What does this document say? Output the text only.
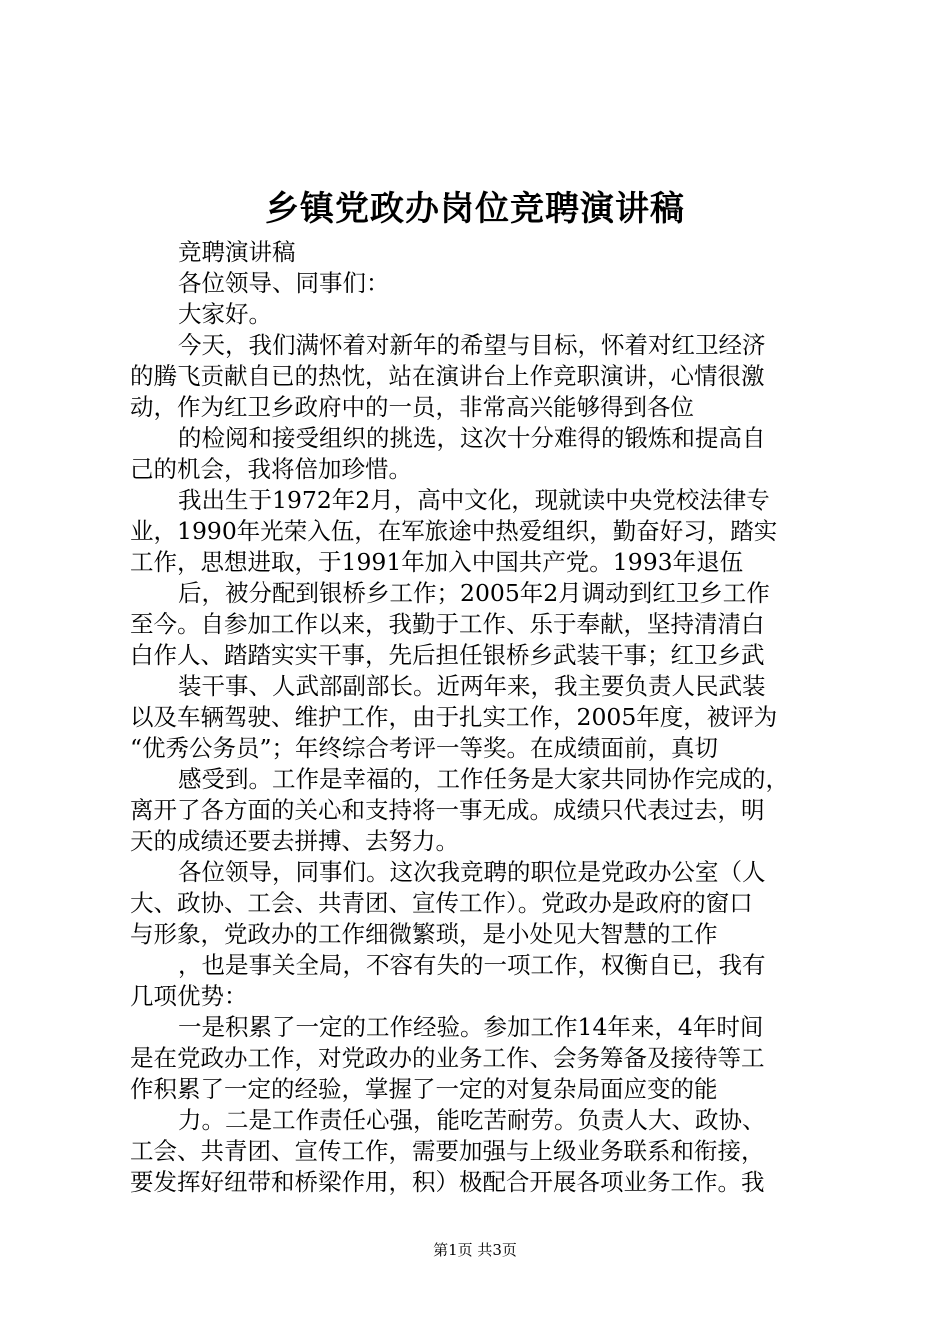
乡镇党政办岗位竞聘演讲稿
竞聘演讲稿
各位领导、同事们：
大家好。
今天，我们满怀着对新年的希望与目标，怀着对红卫经济
的腾飞贡献自已的热忱，站在演讲台上作竞职演讲，心情很激
动，作为红卫乡政府中的一员，非常高兴能够得到各位
的检阅和接受组织的挑选，这次十分难得的锻炼和提高自
己的机会，我将倍加珍惜。
我出生于1972年2月，高中文化，现就读中央党校法律专
业，1990年光荣入伍，在军旅途中热爱组织，勤奋好习，踏实
工作，思想进取，于1991年加入中国共产党。1993年退伍
后，被分配到银桥乡工作；2005年2月调动到红卫乡工作
至今。自参加工作以来，我勤于工作、乐于奉献，坚持清清白
白作人、踏踏实实干事，先后担任银桥乡武装干事；红卫乡武
装干事、人武部副部长。近两年来，我主要负责人民武装
以及车辆驾驶、维护工作，由于扎实工作，2005年度，被评为
“优秀公务员”；年终综合考评一等奖。在成绩面前，真切
感受到。工作是幸福的，工作任务是大家共同协作完成的，
离开了各方面的关心和支持将一事无成。成绩只代表过去，明
天的成绩还要去拼搏、去努力。
各位领导，同事们。这次我竞聘的职位是党政办公室（人
大、政协、工会、共青团、宣传工作）。党政办是政府的窗口
与形象，党政办的工作细微繁琐，是小处见大智慧的工作
，也是事关全局，不容有失的一项工作，权衡自已，我有
几项优势：
一是积累了一定的工作经验。参加工作14年来，4年时间
是在党政办工作，对党政办的业务工作、会务筹备及接待等工
作积累了一定的经验，掌握了一定的对复杂局面应变的能
力。二是工作责任心强，能吃苦耐劳。负责人大、政协、
工会、共青团、宣传工作，需要加强与上级业务联系和衔接，
要发挥好纽带和桥梁作用，积）极配合开展各项业务工作。我
第1页 共3页
